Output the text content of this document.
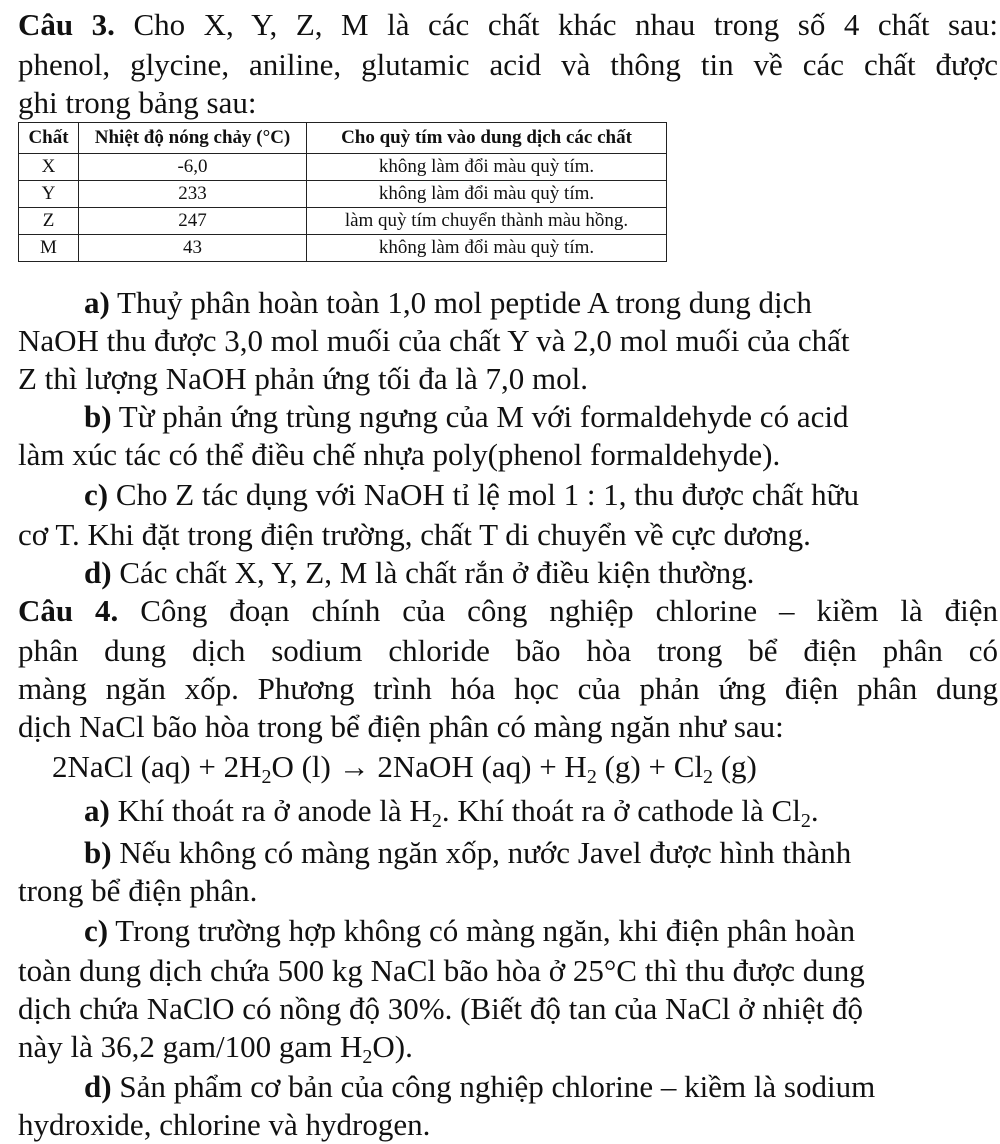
Câu 3. Cho X, Y, Z, M là các chất khác nhau trong số 4 chất sau:
phenol, glycine, aniline, glutamic acid và thông tin về các chất được
ghi trong bảng sau:
Chất	Nhiệt độ nóng chảy (°C)	Cho quỳ tím vào dung dịch các chất
X	-6,0	không làm đổi màu quỳ tím.
Y	233	không làm đổi màu quỳ tím.
Z	247	làm quỳ tím chuyển thành màu hồng.
M	43	không làm đổi màu quỳ tím.
a) Thuỷ phân hoàn toàn 1,0 mol peptide A trong dung dịch
NaOH thu được 3,0 mol muối của chất Y và 2,0 mol muối của chất
Z thì lượng NaOH phản ứng tối đa là 7,0 mol.
b) Từ phản ứng trùng ngưng của M với formaldehyde có acid
làm xúc tác có thể điều chế nhựa poly(phenol formaldehyde).
c) Cho Z tác dụng với NaOH tỉ lệ mol 1 : 1, thu được chất hữu
cơ T. Khi đặt trong điện trường, chất T di chuyển về cực dương.
d) Các chất X, Y, Z, M là chất rắn ở điều kiện thường.
Câu 4. Công đoạn chính của công nghiệp chlorine – kiềm là điện
phân dung dịch sodium chloride bão hòa trong bể điện phân có
màng ngăn xốp. Phương trình hóa học của phản ứng điện phân dung
dịch NaCl bão hòa trong bể điện phân có màng ngăn như sau:
2NaCl $(aq) + 2H_2O$ (l) → 2NaOH $(aq) + H_2$ $(g) + Cl_2$ (g)
a) Khí thoát ra ở anode là $H_2$. Khí thoát ra ở cathode là $Cl_2$.
b) Nếu không có màng ngăn xốp, nước Javel được hình thành
trong bể điện phân.
c) Trong trường hợp không có màng ngăn, khi điện phân hoàn
toàn dung dịch chứa 500 kg NaCl bão hòa ở 25°C thì thu được dung
dịch chứa NaClO có nồng độ 30%. (Biết độ tan của NaCl ở nhiệt độ
này là 36,2 gam/100 gam $H_2O$).
d) Sản phẩm cơ bản của công nghiệp chlorine – kiềm là sodium
hydroxide, chlorine và hydrogen.
